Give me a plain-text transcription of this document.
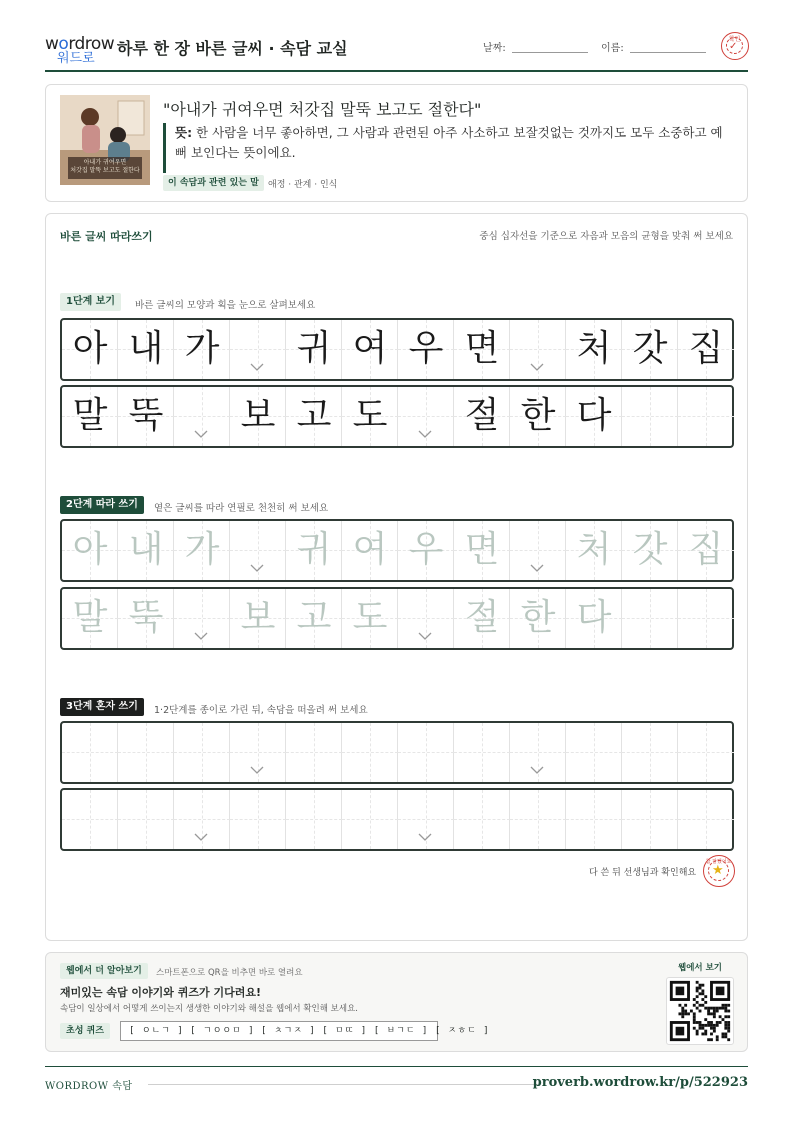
wordrow
워드로
하루 한 장 바른 글씨 · 속담 교실	날짜:	이름:
확인
✓
아내가 귀여우면
처갓집 말뚝 보고도 절한다
"아내가 귀여우면 처갓집 말뚝 보고도 절한다"

뜻: 한 사람을 너무 좋아하면, 그 사람과 관련된 아주 사소하고 보잘것없는 것까지도 모두 소중하고 예뻐 보인다는 뜻이에요.

이 속담과 관련 있는 말	애정 · 관계 · 인식
바른 글씨 따라쓰기	중심 십자선을 기준으로 자음과 모음의 균형을 맞춰 써 보세요
1단계 보기	바른 글씨의 모양과 획을 눈으로 살펴보세요
아 내 가 귀 여 우 면 처 갓 집
말 뚝 보 고 도 절 한 다
2단계 따라 쓰기	옅은 글씨를 따라 연필로 천천히 써 보세요
아 내 가 귀 여 우 면 처 갓 집
말 뚝 보 고 도 절 한 다
3단계 혼자 쓰기	1·2단계를 종이로 가린 뒤, 속담을 떠올려 써 보세요
다 쓴 뒤 선생님과 확인해요
참 잘했어요
★
웹에서 더 알아보기	스마트폰으로 QR을 비추면 바로 열려요
재미있는 속담 이야기와 퀴즈가 기다려요!
속담이 일상에서 어떻게 쓰이는지 생생한 이야기와 해설을 웹에서 확인해 보세요.
초성 퀴즈	[ ㅇㄴㄱ ] [ ㄱㅇㅇㅁ ] [ ㅊㄱㅈ ] [ ㅁㄸ ] [ ㅂㄱㄷ ] [ ㅈㅎㄷ ]
웹에서 보기
WORDROW 속담	proverb.wordrow.kr/p/522923
